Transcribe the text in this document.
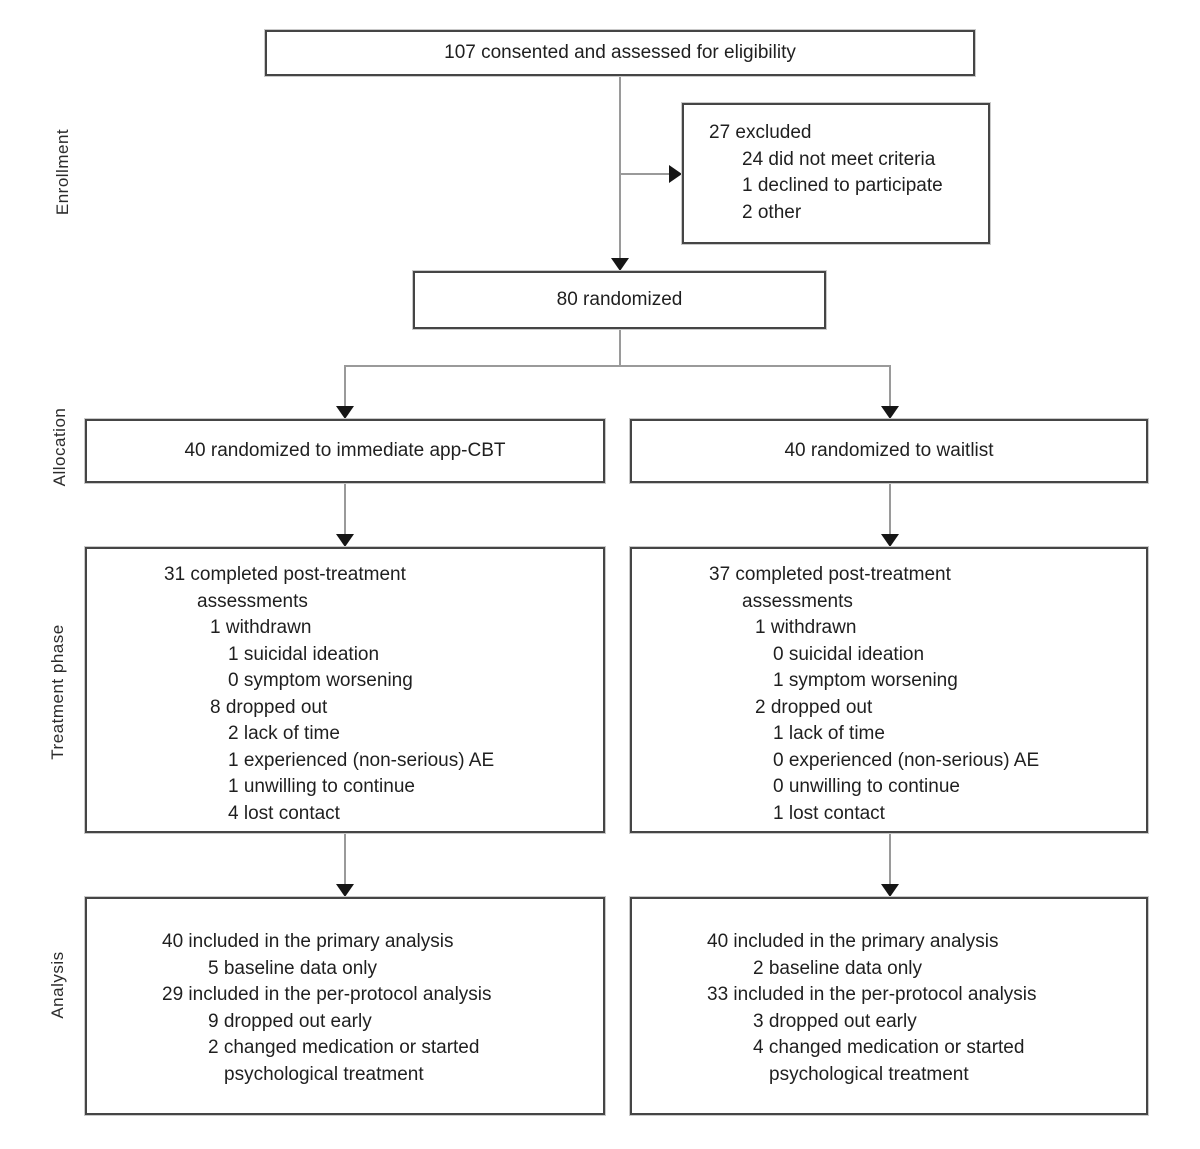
Enrollment
Allocation
Treatment phase
Analysis
107 consented and assessed for eligibility
27 excluded
24 did not meet criteria
1 declined to participate
2 other
80 randomized
40 randomized to immediate app-CBT	40 randomized to waitlist
31 completed post-treatment
assessments
1 withdrawn
1 suicidal ideation
0 symptom worsening
8 dropped out
2 lack of time
1 experienced (non-serious) AE
1 unwilling to continue
4 lost contact
37 completed post-treatment
assessments
1 withdrawn
0 suicidal ideation
1 symptom worsening
2 dropped out
1 lack of time
0 experienced (non-serious) AE
0 unwilling to continue
1 lost contact
40 included in the primary analysis
5 baseline data only
29 included in the per-protocol analysis
9 dropped out early
2 changed medication or started
psychological treatment
40 included in the primary analysis
2 baseline data only
33 included in the per-protocol analysis
3 dropped out early
4 changed medication or started
psychological treatment
